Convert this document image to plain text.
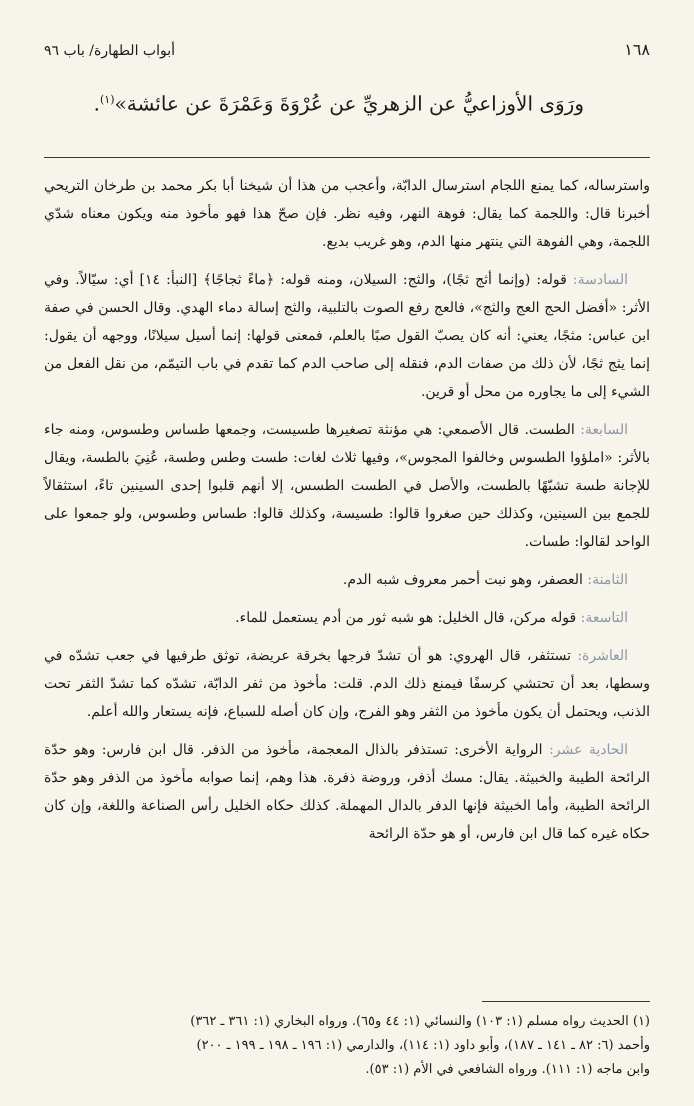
١٦٨
أبواب الطهارة/ باب ٩٦
ورَوَى الأوزاعيُّ عن الزهريِّ عن عُرْوَةَ وَعَمْرَةَ عن عائشة»$^{(١)}$.

واسترساله، كما يمنع اللجام استرسال الدابّة، وأعجب من هذا أن شيخنا أبا بكر محمد بن طرخان التريحي أخبرنا قال: واللجمة كما يقال: فوهة النهر، وفيه نظر. فإن صحّ هذا فهو مأخوذ منه ويكون معناه شدّي اللجمة، وهي الفوهة التي ينتهر منها الدم، وهو غريب بديع.

السادسة: قوله: (وإنما أثج ثجًا)، والثج: السيلان، ومنه قوله: ﴿ماءً ثجاجًا﴾ [النبأ: ١٤] أي: سيّالاً. وفي الأثر: «أفضل الحج العج والثج»، فالعج رفع الصوت بالتلبية، والثج إسالة دماء الهدي. وقال الحسن في صفة ابن عباس: مثجًا، يعني: أنه كان يصبّ القول صبًا بالعلم، فمعنى قولها: إنما أسيل سيلانًا، ووجهه أن يقول: إنما يثج ثجًا، لأن ذلك من صفات الدم، فنقله إلى صاحب الدم كما تقدم في باب التيمّم، من نقل الفعل من الشيء إلى ما يجاوره من محل أو قرين.

السابعة: الطست. قال الأصمعي: هي مؤنثة تصغيرها طسيست، وجمعها طساس وطسوس، ومنه جاء بالأثر: «املؤوا الطسوس وخالفوا المجوس»، وفيها ثلاث لغات: طست وطس وطسة، عُنِيَ بالطسة، ويقال للإجانة طسة تشبّهًا بالطست، والأصل في الطست الطسس، إلا أنهم قلبوا إحدى السينين تاءً، استثقالاً للجمع بين السينين، وكذلك حين صغروا قالوا: طسيسة، وكذلك قالوا: طساس وطسوس، ولو جمعوا على الواحد لقالوا: طسات.

الثامنة: العصفر، وهو نبت أحمر معروف شبه الدم.

التاسعة: قوله مركن، قال الخليل: هو شبه ثور من أدم يستعمل للماء.

العاشرة: تستثفر، قال الهروي: هو أن تشدّ فرجها بخرقة عريضة، توثق طرفيها في جعب تشدّه في وسطها، بعد أن تحتشي كرسفًا فيمنع ذلك الدم. قلت: مأخوذ من ثفر الدابّة، تشدّه كما تشدّ الثفر تحت الذنب، ويحتمل أن يكون مأخوذ من الثفر وهو الفرج، وإن كان أصله للسباع، فإنه يستعار والله أعلم.

الحادية عشر: الرواية الأخرى: تستذفر بالذال المعجمة، مأخوذ من الذفر. قال ابن فارس: وهو حدّة الرائحة الطيبة والخبيثة. يقال: مسك أذفر، وروضة ذفرة. هذا وهم، إنما صوابه مأخوذ من الذفر وهو حدّة الرائحة الطيبة، وأما الخبيثة فإنها الدفر بالدال المهملة. كذلك حكاه الخليل رأس الصناعة واللغة، وإن كان حكاه غيره كما قال ابن فارس، أو هو حدّة الرائحة

(١) الحديث رواه مسلم (١: ١٠٣) والنسائي (١: ٤٤ و٦٥). ورواه البخاري (١: ٣٦١ ـ ٣٦٢)

وأحمد (٦: ٨٢ ـ ١٤١ ـ ١٨٧)، وأبو داود (١: ١١٤)، والدارمي (١: ١٩٦ ـ ١٩٨ ـ ١٩٩ ـ ٢٠٠)

وابن ماجه (١: ١١١). ورواه الشافعي في الأم (١: ٥٣).
